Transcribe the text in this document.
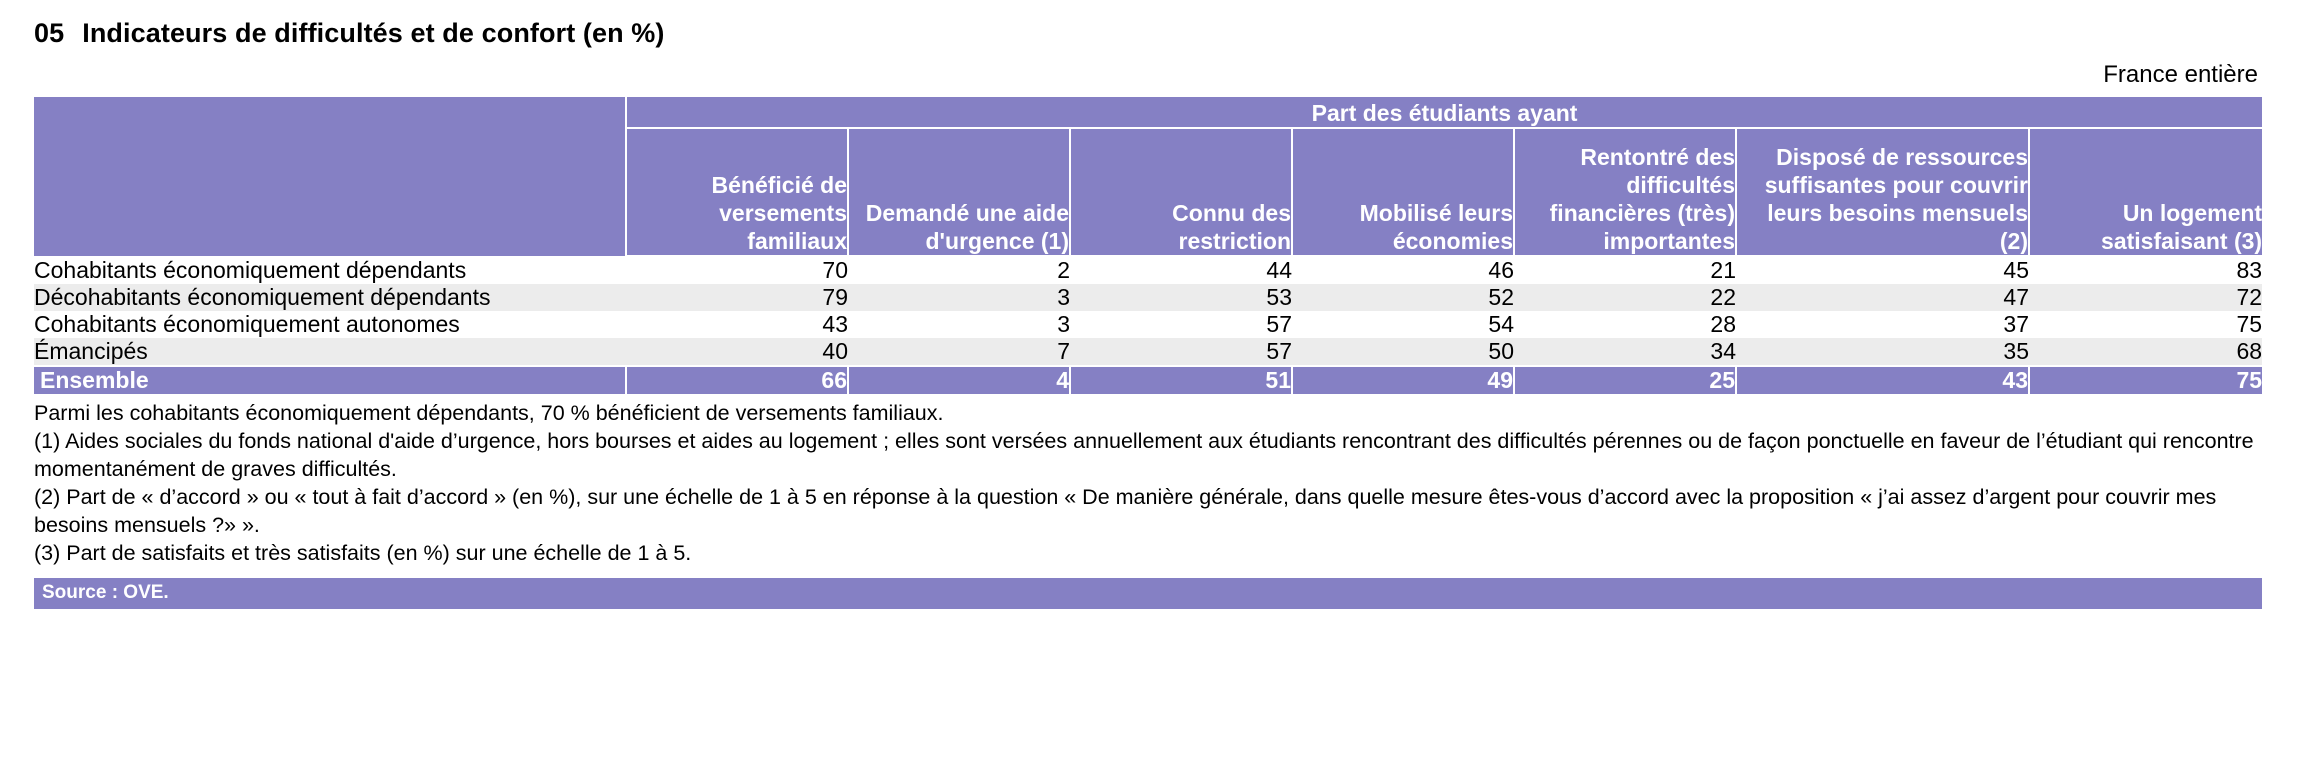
05 Indicateurs de difficultés et de confort (en %)
France entière
	Part des étudiants ayant						
	Bénéficié de versements familiaux	Demandé une aide d'urgence (1)	Connu des restriction	Mobilisé leurs économies	Rentontré des difficultés financières (très) importantes	Disposé de ressources suffisantes pour couvrir leurs besoins mensuels (2)	Un logement satisfaisant (3)
Cohabitants économiquement dépendants	70	2	44	46	21	45	83
Décohabitants économiquement dépendants	79	3	53	52	22	47	72
Cohabitants économiquement autonomes	43	3	57	54	28	37	75
Émancipés	40	7	57	50	34	35	68
Ensemble	66	4	51	49	25	43	75

Parmi les cohabitants économiquement dépendants, 70 % bénéficient de versements familiaux.

(1) Aides sociales du fonds national d'aide d’urgence, hors bourses et aides au logement ; elles sont versées annuellement aux étudiants rencontrant des difficultés pérennes ou de façon ponctuelle en faveur de l’étudiant qui rencontre momentanément de graves difficultés.

(2) Part de « d’accord » ou « tout à fait d’accord » (en %), sur une échelle de 1 à 5 en réponse à la question « De manière générale, dans quelle mesure êtes-vous d’accord avec la proposition « j’ai assez d’argent pour couvrir mes besoins mensuels ?» ».

(3) Part de satisfaits et très satisfaits (en %) sur une échelle de 1 à 5.

Source : OVE.
